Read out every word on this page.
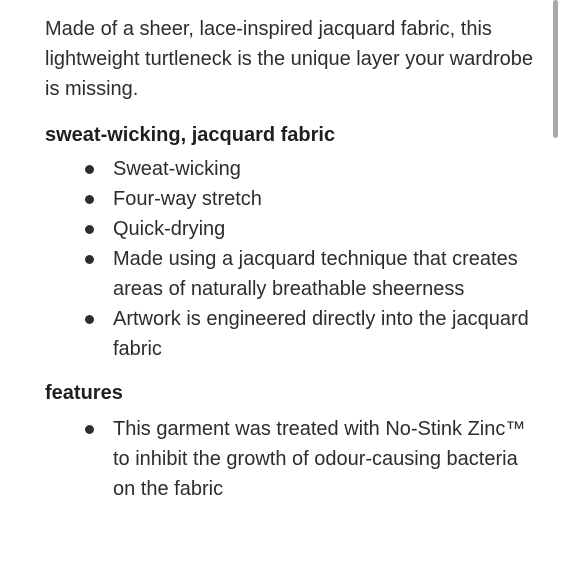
Made of a sheer, lace-inspired jacquard fabric, this lightweight turtleneck is the unique layer your wardrobe is missing.

sweat-wicking, jacquard fabric
Sweat-wicking
Four-way stretch
Quick-drying
Made using a jacquard technique that creates areas of naturally breathable sheerness
Artwork is engineered directly into the jacquard fabric
features
This garment was treated with No-Stink Zinc™ to inhibit the growth of odour-causing bacteria on the fabric
